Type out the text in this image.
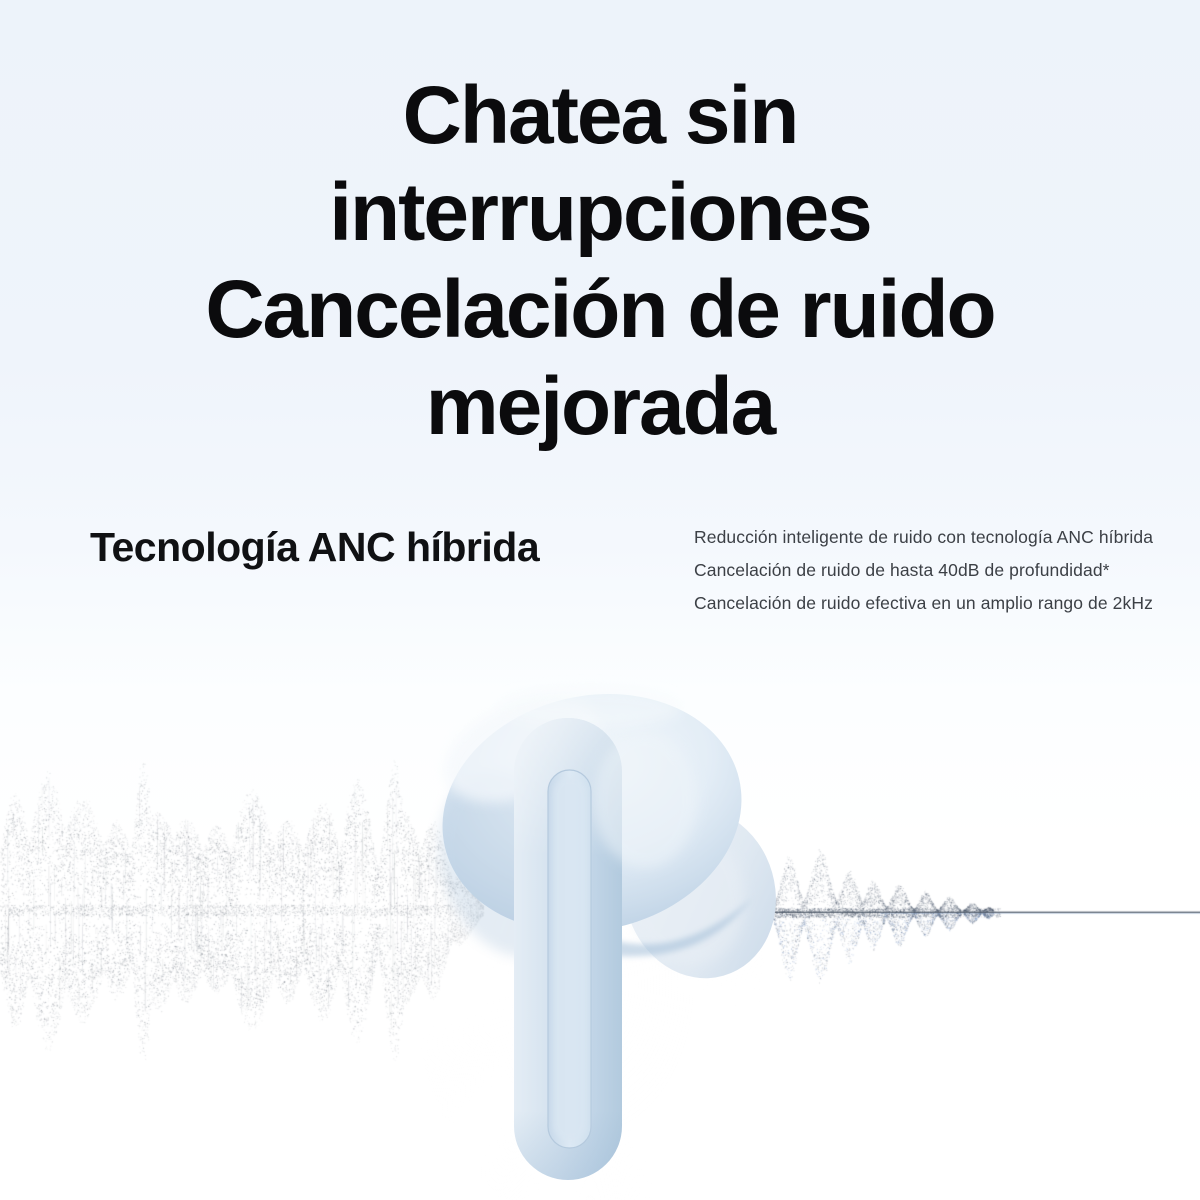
Chatea sin
interrupciones
Cancelación de ruido
mejorada
Tecnología ANC híbrida	Reducción inteligente de ruido con tecnología ANC híbrida
Cancelación de ruido de hasta 40dB de profundidad*
Cancelación de ruido efectiva en un amplio rango de 2kHz
